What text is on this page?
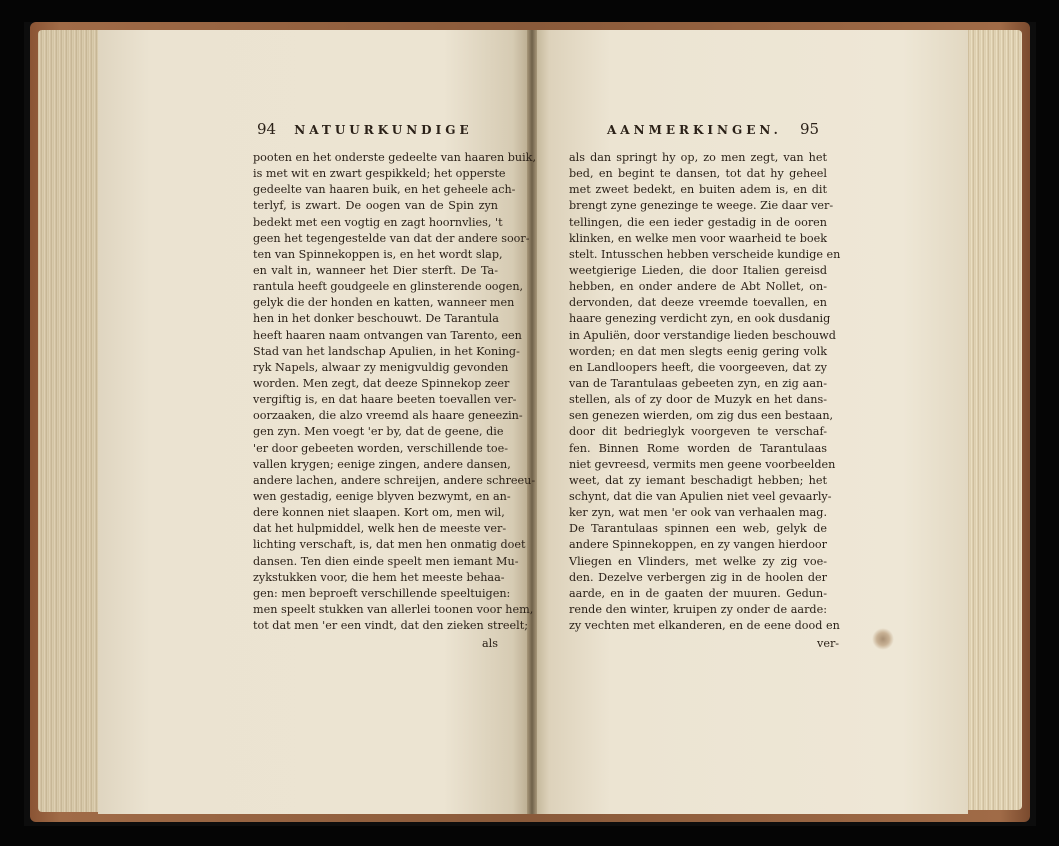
94 NATUURKUNDIGE
pooten en het onderste gedeelte van haaren buik,
is met wit en zwart gespikkeld; het opperste
gedeelte van haaren buik, en het geheele ach-
terlyf, is zwart. De oogen van de Spin zyn
bedekt met een vogtig en zagt hoornvlies, 't
geen het tegengestelde van dat der andere soor-
ten van Spinnekoppen is, en het wordt slap,
en valt in, wanneer het Dier sterft. De Ta-
rantula heeft goudgeele en glinsterende oogen,
gelyk die der honden en katten, wanneer men
hen in het donker beschouwt. De Tarantula
heeft haaren naam ontvangen van Tarento, een
Stad van het landschap Apulien, in het Koning-
ryk Napels, alwaar zy menigvuldig gevonden
worden. Men zegt, dat deeze Spinnekop zeer
vergiftig is, en dat haare beeten toevallen ver-
oorzaaken, die alzo vreemd als haare geneezin-
gen zyn. Men voegt 'er by, dat de geene, die
'er door gebeeten worden, verschillende toe-
vallen krygen; eenige zingen, andere dansen,
andere lachen, andere schreijen, andere schreeu-
wen gestadig, eenige blyven bezwymt, en an-
dere konnen niet slaapen. Kort om, men wil,
dat het hulpmiddel, welk hen de meeste ver-
lichting verschaft, is, dat men hen onmatig doet
dansen. Ten dien einde speelt men iemant Mu-
zykstukken voor, die hem het meeste behaa-
gen: men beproeft verschillende speeltuigen:
men speelt stukken van allerlei toonen voor hem,
tot dat men 'er een vindt, dat den zieken streelt;
als
AANMERKINGEN. 95
als dan springt hy op, zo men zegt, van het
bed, en begint te dansen, tot dat hy geheel
met zweet bedekt, en buiten adem is, en dit
brengt zyne genezinge te weege. Zie daar ver-
tellingen, die een ieder gestadig in de ooren
klinken, en welke men voor waarheid te boek
stelt. Intusschen hebben verscheide kundige en
weetgierige Lieden, die door Italien gereisd
hebben, en onder andere de Abt Nollet, on-
dervonden, dat deeze vreemde toevallen, en
haare genezing verdicht zyn, en ook dusdanig
in Apuliën, door verstandige lieden beschouwd
worden; en dat men slegts eenig gering volk
en Landloopers heeft, die voorgeeven, dat zy
van de Tarantulaas gebeeten zyn, en zig aan-
stellen, als of zy door de Muzyk en het dans-
sen genezen wierden, om zig dus een bestaan,
door dit bedrieglyk voorgeven te verschaf-
fen. Binnen Rome worden de Tarantulaas
niet gevreesd, vermits men geene voorbeelden
weet, dat zy iemant beschadigt hebben; het
schynt, dat die van Apulien niet veel gevaarly-
ker zyn, wat men 'er ook van verhaalen mag.
De Tarantulaas spinnen een web, gelyk de
andere Spinnekoppen, en zy vangen hierdoor
Vliegen en Vlinders, met welke zy zig voe-
den. Dezelve verbergen zig in de hoolen der
aarde, en in de gaaten der muuren. Gedun-
rende den winter, kruipen zy onder de aarde:
zy vechten met elkanderen, en de eene dood en
ver-
